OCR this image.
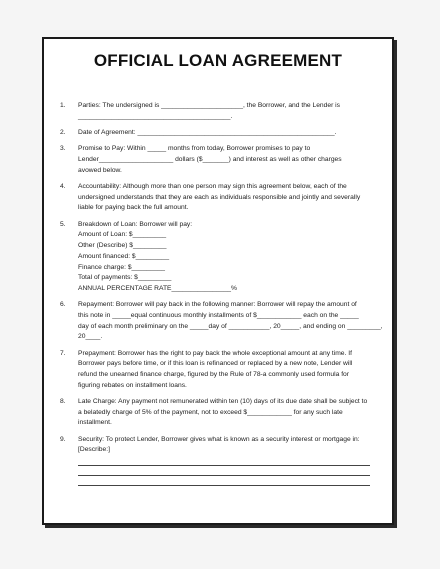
OFFICIAL LOAN AGREEMENT
1. Parties: The undersigned is ______________________, the Borrower, and the Lender is
_________________________________________.
2. Date of Agreement: _____________________________________________________.
3. Promise to Pay: Within _____ months from today, Borrower promises to pay to
Lender____________________ dollars ($_______) and interest as well as other charges
avowed below.
4. Accountability: Although more than one person may sign this agreement below, each of the
undersigned understands that they are each as individuals responsible and jointly and severally
liable for paying back the full amount.
5. Breakdown of Loan: Borrower will pay:
Amount of Loan: $_________
Other (Describe) $_________
Amount financed: $_________
Finance charge: $_________
Total of payments: $_________
ANNUAL PERCENTAGE RATE________________%
6. Repayment: Borrower will pay back in the following manner: Borrower will repay the amount of
this note in _____equal continuous monthly installments of $____________ each on the _____
day of each month preliminary on the _____day of ___________, 20_____, and ending on _________,
20____.
7. Prepayment: Borrower has the right to pay back the whole exceptional amount at any time. If
Borrower pays before time, or if this loan is refinanced or replaced by a new note, Lender will
refund the unearned finance charge, figured by the Rule of 78-a commonly used formula for
figuring rebates on installment loans.
8. Late Charge: Any payment not remunerated within ten (10) days of its due date shall be subject to
a belatedly charge of 5% of the payment, not to exceed $____________ for any such late
installment.
9. Security: To protect Lender, Borrower gives what is known as a security interest or mortgage in:
[Describe:]
